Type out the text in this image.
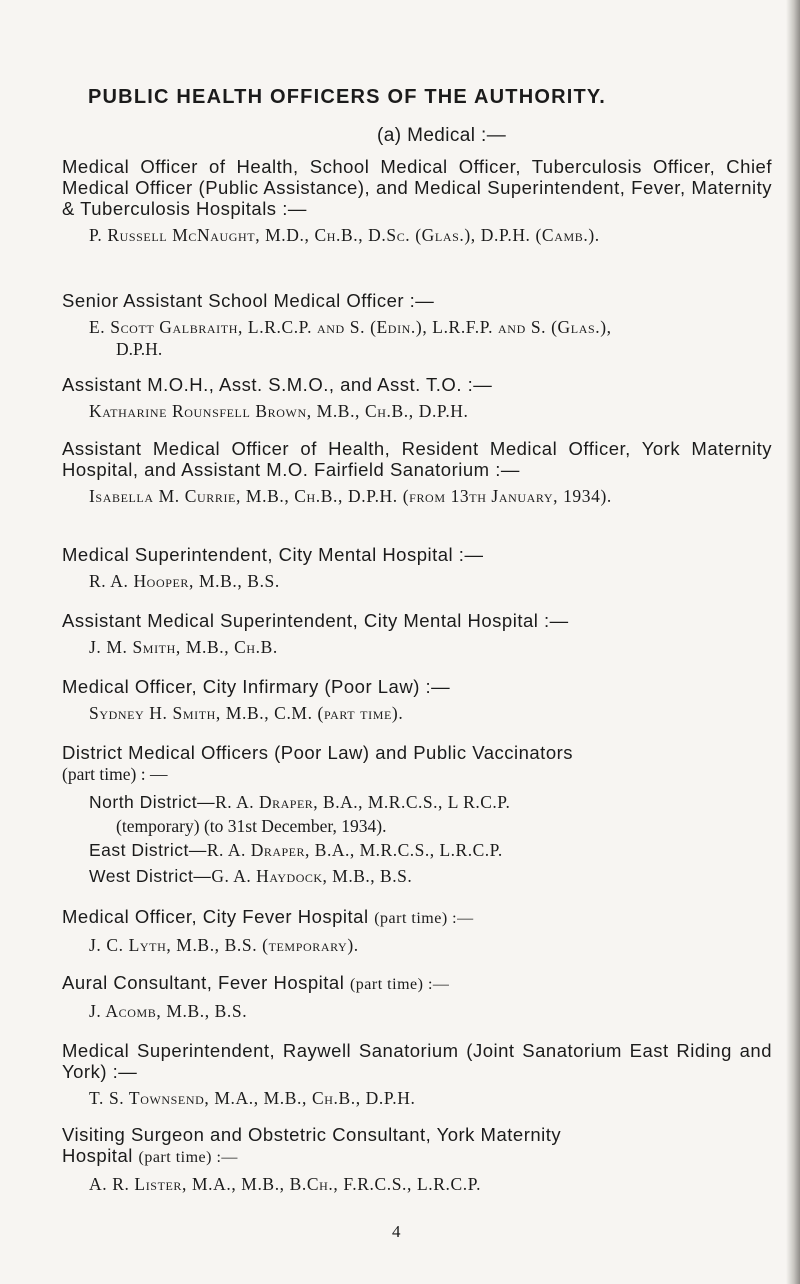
PUBLIC HEALTH OFFICERS OF THE AUTHORITY.
(a) Medical :—
Medical Officer of Health, School Medical Officer, Tuberculosis Officer, Chief Medical Officer (Public Assistance), and Medical Superintendent, Fever, Maternity & Tuberculosis Hospitals :—
P. Russell McNaught, M.D., Ch.B., D.Sc. (Glas.), D.P.H. (Camb.).
Senior Assistant School Medical Officer :—
E. Scott Galbraith, L.R.C.P. and S. (Edin.), L.R.F.P. and S. (Glas.),
D.P.H.
Assistant M.O.H., Asst. S.M.O., and Asst. T.O. :—
Katharine Rounsfell Brown, M.B., Ch.B., D.P.H.
Assistant Medical Officer of Health, Resident Medical Officer, York Maternity Hospital, and Assistant M.O. Fairfield Sanatorium :—
Isabella M. Currie, M.B., Ch.B., D.P.H. (from 13th January, 1934).
Medical Superintendent, City Mental Hospital :—
R. A. Hooper, M.B., B.S.
Assistant Medical Superintendent, City Mental Hospital :—
J. M. Smith, M.B., Ch.B.
Medical Officer, City Infirmary (Poor Law) :—
Sydney H. Smith, M.B., C.M. (part time).
District Medical Officers (Poor Law) and Public Vaccinators
(part time) : —
North District—R. A. Draper, B.A., M.R.C.S., L R.C.P.
(temporary) (to 31st December, 1934).
East District—R. A. Draper, B.A., M.R.C.S., L.R.C.P.
West District—G. A. Haydock, M.B., B.S.
Medical Officer, City Fever Hospital (part time) :—
J. C. Lyth, M.B., B.S. (temporary).
Aural Consultant, Fever Hospital (part time) :—
J. Acomb, M.B., B.S.
Medical Superintendent, Raywell Sanatorium (Joint Sanatorium East Riding and York) :—
T. S. Townsend, M.A., M.B., Ch.B., D.P.H.
Visiting Surgeon and Obstetric Consultant, York Maternity
Hospital (part time) :—
A. R. Lister, M.A., M.B., B.Ch., F.R.C.S., L.R.C.P.
4
